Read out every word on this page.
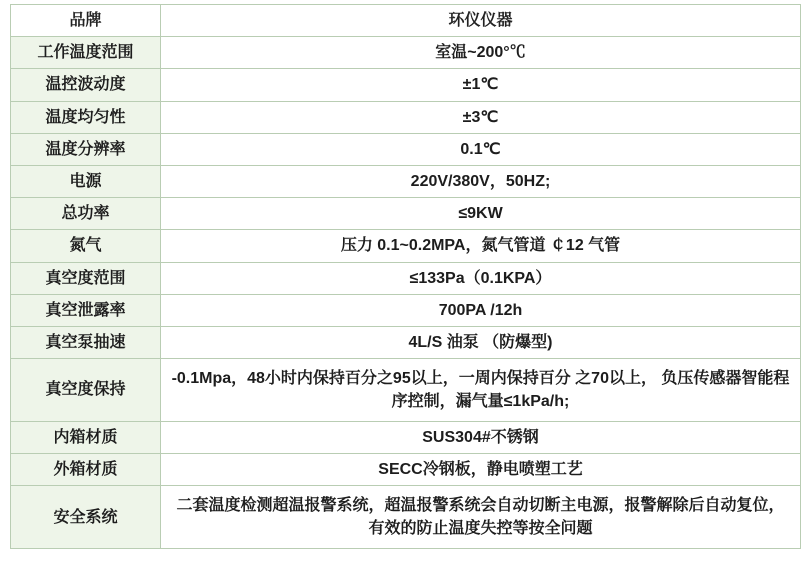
品牌	环仪仪器
工作温度范围	室温~200°℃
温控波动度	±1℃
温度均匀性	±3℃
温度分辨率	0.1℃
电源	220V/380V，50HZ;
总功率	≤9KW
氮气	压力 0.1~0.2MPA，氮气管道 ￠12 气管
真空度范围	≤133Pa（0.1KPA）
真空泄露率	700PA /12h
真空泵抽速	4L/S 油泵 （防爆型)
真空度保持	-0.1Mpa，48小时内保持百分之95以上，一周内保持百分 之70以上， 负压传感器智能程序控制，漏气量≤1kPa/h;
内箱材质	SUS304#不锈钢
外箱材质	SECC冷钢板，静电喷塑工艺
安全系统	二套温度检测超温报警系统，超温报警系统会自动切断主电源，报警解除后自动复位，有效的防止温度失控等按全问题
